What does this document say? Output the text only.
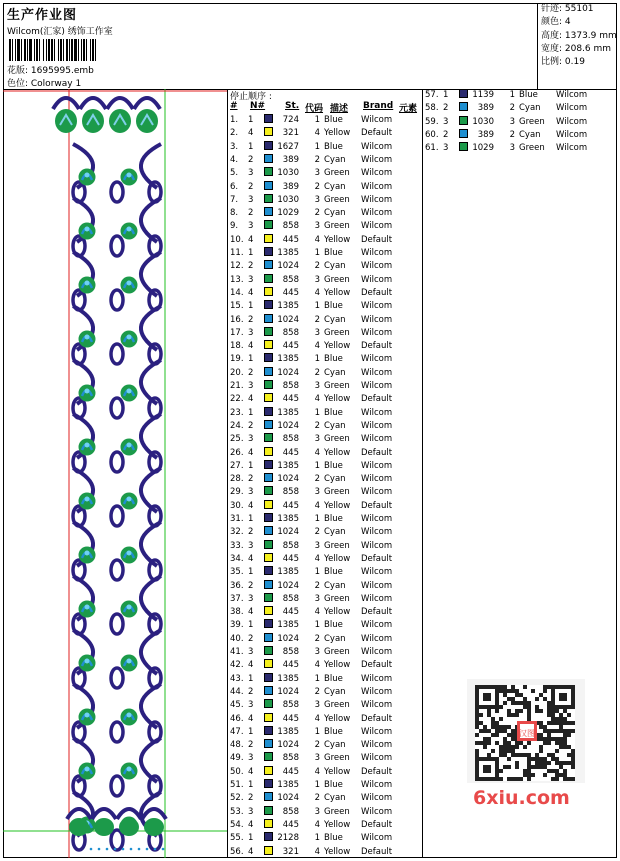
生产作业图
Wilcom(汇家) 绣饰工作室
花版: 1695995.emb
色位: Colorway 1
针迹: 55101
颜色: 4
高度: 1373.9 mm
宽度: 208.6 mm
比例: 0.19
停止顺序 :
# N# St. 代码 描述 Brand 元素
1. 1	724	1 Blue Wilcom
2. 4	321	4 Yellow Default
3. 1	1627	1 Blue Wilcom
4. 2	389	2 Cyan Wilcom
5. 3	1030	3 Green Wilcom
6. 2	389	2 Cyan Wilcom
7. 3	1030	3 Green Wilcom
8. 2	1029	2 Cyan Wilcom
9. 3	858	3 Green Wilcom
10. 4	445	4 Yellow Default
11. 1	1385	1 Blue Wilcom
12. 2	1024	2 Cyan Wilcom
13. 3	858	3 Green Wilcom
14. 4	445	4 Yellow Default
15. 1	1385	1 Blue Wilcom
16. 2	1024	2 Cyan Wilcom
17. 3	858	3 Green Wilcom
18. 4	445	4 Yellow Default
19. 1	1385	1 Blue Wilcom
20. 2	1024	2 Cyan Wilcom
21. 3	858	3 Green Wilcom
22. 4	445	4 Yellow Default
23. 1	1385	1 Blue Wilcom
24. 2	1024	2 Cyan Wilcom
25. 3	858	3 Green Wilcom
26. 4	445	4 Yellow Default
27. 1	1385	1 Blue Wilcom
28. 2	1024	2 Cyan Wilcom
29. 3	858	3 Green Wilcom
30. 4	445	4 Yellow Default
31. 1	1385	1 Blue Wilcom
32. 2	1024	2 Cyan Wilcom
33. 3	858	3 Green Wilcom
34. 4	445	4 Yellow Default
35. 1	1385	1 Blue Wilcom
36. 2	1024	2 Cyan Wilcom
37. 3	858	3 Green Wilcom
38. 4	445	4 Yellow Default
39. 1	1385	1 Blue Wilcom
40. 2	1024	2 Cyan Wilcom
41. 3	858	3 Green Wilcom
42. 4	445	4 Yellow Default
43. 1	1385	1 Blue Wilcom
44. 2	1024	2 Cyan Wilcom
45. 3	858	3 Green Wilcom
46. 4	445	4 Yellow Default
47. 1	1385	1 Blue Wilcom
48. 2	1024	2 Cyan Wilcom
49. 3	858	3 Green Wilcom
50. 4	445	4 Yellow Default
51. 1	1385	1 Blue Wilcom
52. 2	1024	2 Cyan Wilcom
53. 3	858	3 Green Wilcom
54. 4	445	4 Yellow Default
55. 1	2128	1 Blue Wilcom
56. 4	321	4 Yellow Default
57. 1	1139	1 Blue Wilcom
58. 2	389	2 Cyan Wilcom
59. 3	1030	3 Green Wilcom
60. 2	389	2 Cyan Wilcom
61. 3	1029	3 Green Wilcom
汉图
6xiu.com
